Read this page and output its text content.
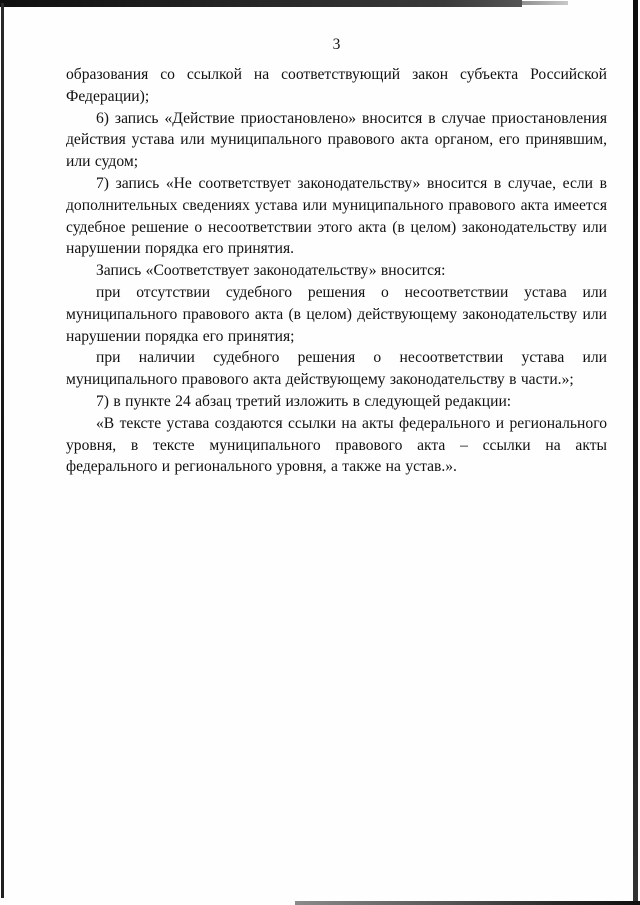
3

образования со ссылкой на соответствующий закон субъекта Российской Федерации);

6) запись «Действие приостановлено» вносится в случае приостановления действия устава или муниципального правового акта органом, его принявшим, или судом;

7) запись «Не соответствует законодательству» вносится в случае, если в дополнительных сведениях устава или муниципального правового акта имеется судебное решение о несоответствии этого акта (в целом) законодательству или нарушении порядка его принятия.

Запись «Соответствует законодательству» вносится:

при отсутствии судебного решения о несоответствии устава или муниципального правового акта (в целом) действующему законодательству или нарушении порядка его принятия;

при наличии судебного решения о несоответствии устава или муниципального правового акта действующему законодательству в части.»;

7) в пункте 24 абзац третий изложить в следующей редакции:

«В тексте устава создаются ссылки на акты федерального и регионального уровня, в тексте муниципального правового акта – ссылки на акты федерального и регионального уровня, а также на устав.».
